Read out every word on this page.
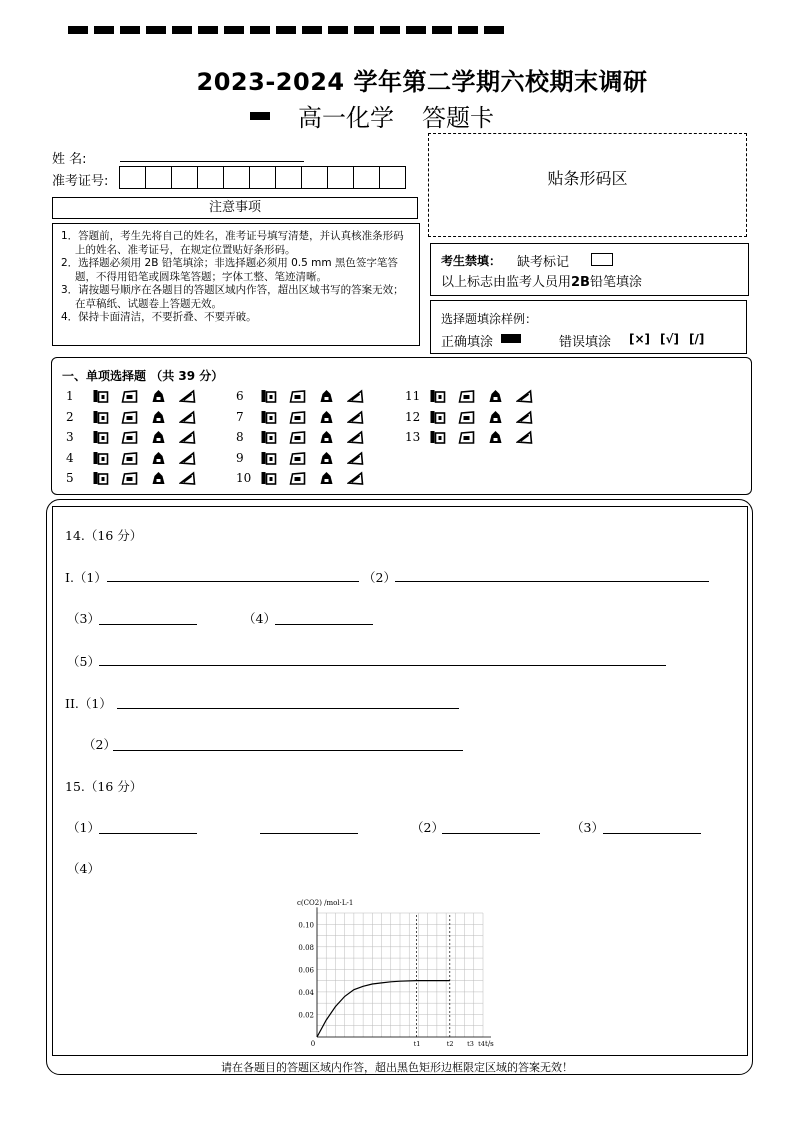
2023-2024 学年第二学期六校期末调研
高一化学 答题卡
姓 名:
准考证号:	贴条形码区
注意事项

1．答题前，考生先将自己的姓名，准考证号填写清楚，并认真核准条形码上的姓名、准考证号，在规定位置贴好条形码。

2．选择题必须用 2B 铅笔填涂；非选择题必须用 0.5 mm 黑色签字笔答题，不得用铅笔或圆珠笔答题；字体工整、笔迹清晰。

3．请按题号顺序在各题目的答题区域内作答，超出区域书写的答案无效；在草稿纸、试题卷上答题无效。

4．保持卡面清洁，不要折叠、不要弄破。

考生禁填： 缺考标记
以上标志由监考人员用2B铅笔填涂
选择题填涂样例：
正确填涂	错误填涂 [×] [√] [/]
一、单项选择题 （共 39 分）
1
2
3
4
5
6
7
8
9
10
11
12
13
14.（16 分）
I.（1）	（2）
（3）	（4）
（5）
II.（1）
（2）
15.（16 分）
（1）	（2）	（3）
（4）
0.10
0.08
0.06
0.04
0.02
0
c(CO2) /mol·L-1
t/s
t1	t2 t3 t4
请在各题目的答题区域内作答，超出黑色矩形边框限定区域的答案无效！
